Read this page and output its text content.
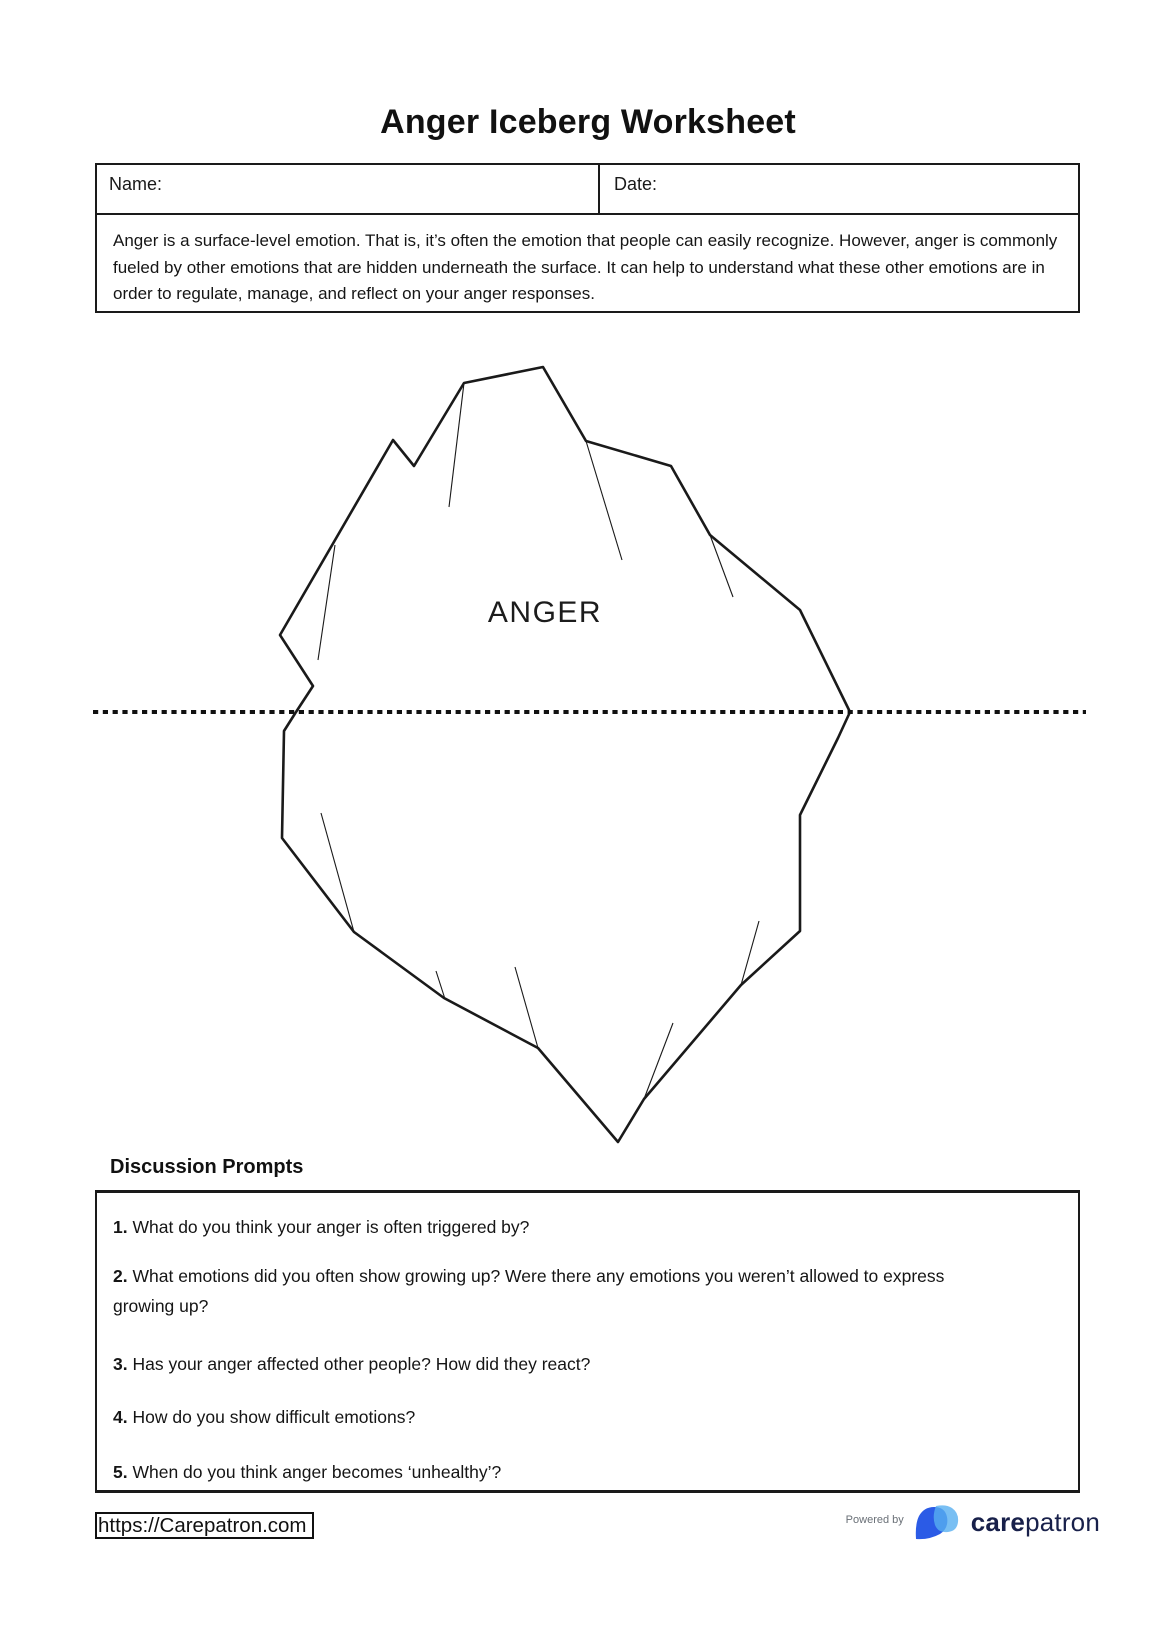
Anger Iceberg Worksheet
Name:	Date:
Anger is a surface-level emotion. That is, it’s often the emotion that people can easily recognize. However, anger is commonly
fueled by other emotions that are hidden underneath the surface. It can help to understand what these other emotions are in
order to regulate, manage, and reflect on your anger responses.
ANGER
Discussion Prompts
1. What do you think your anger is often triggered by?
2. What emotions did you often show growing up? Were there any emotions you weren’t allowed to express
growing up?
3. Has your anger affected other people? How did they react?
4. How do you show difficult emotions?
5. When do you think anger becomes ‘unhealthy’?
https://Carepatron.com	Powered by	carepatron
